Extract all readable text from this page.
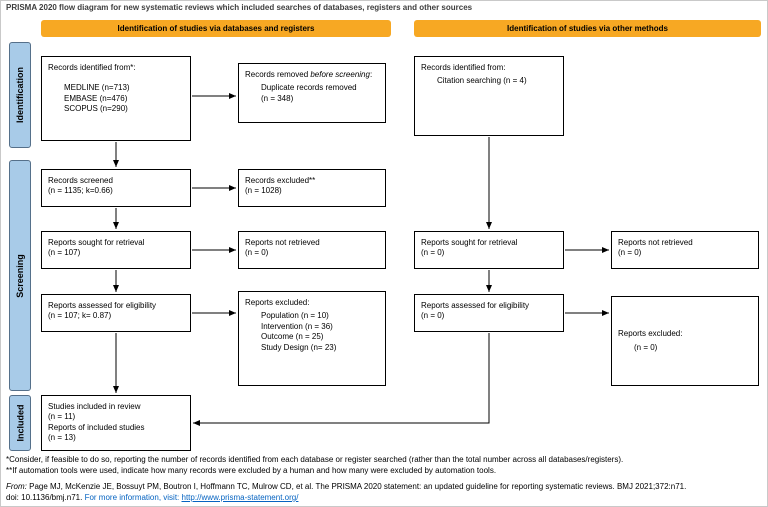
PRISMA 2020 flow diagram for new systematic reviews which included searches of databases, registers and other sources
Identification of studies via databases and registers	Identification of studies via other methods
Identification
Screening
Included
Records identified from*:
MEDLINE (n=713)
EMBASE (n=476)
SCOPUS (n=290)
Records screened
(n = 1135; k=0.66)
Reports sought for retrieval
(n = 107)
Reports assessed for eligibility
(n = 107; k= 0.87)
Studies included in review
(n = 11)
Reports of included studies
(n = 13)
Records removed before screening:
Duplicate records removed
(n = 348)
Records excluded**
(n = 1028)
Reports not retrieved
(n = 0)
Reports excluded:
Population (n = 10)
Intervention (n = 36)
Outcome (n = 25)
Study Design (n= 23)
Records identified from:
Citation searching (n = 4)
Reports sought for retrieval
(n = 0)
Reports assessed for eligibility
(n = 0)
Reports not retrieved
(n = 0)
Reports excluded:
(n = 0)
*Consider, if feasible to do so, reporting the number of records identified from each database or register searched (rather than the total number across all databases/registers).
**If automation tools were used, indicate how many records were excluded by a human and how many were excluded by automation tools.
From: Page MJ, McKenzie JE, Bossuyt PM, Boutron I, Hoffmann TC, Mulrow CD, et al. The PRISMA 2020 statement: an updated guideline for reporting systematic reviews. BMJ 2021;372:n71.
doi: 10.1136/bmj.n71. For more information, visit: http://www.prisma-statement.org/
